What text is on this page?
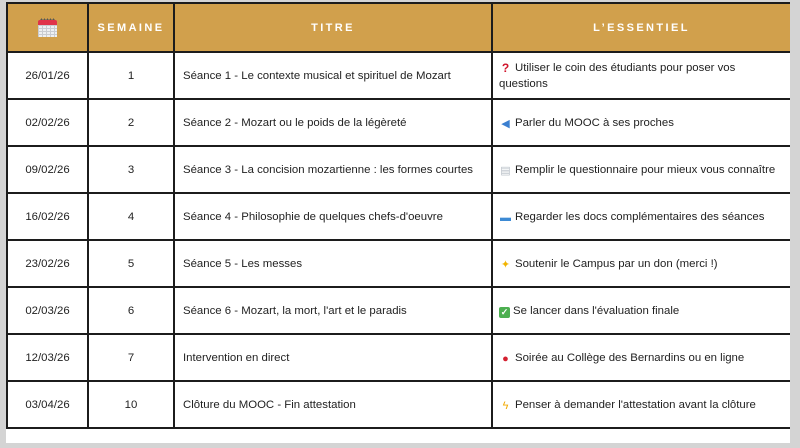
	SEMAINE	TITRE	L’ESSENTIEL
26/01/26	1	Séance 1 - Le contexte musical et spirituel de Mozart	? Utiliser le coin des étudiants pour poser vos questions
02/02/26	2	Séance 2 - Mozart ou le poids de la légèreté	◀ Parler du MOOC à ses proches
09/02/26	3	Séance 3 - La concision mozartienne : les formes courtes	▤ Remplir le questionnaire pour mieux vous connaître
16/02/26	4	Séance 4 - Philosophie de quelques chefs-d'oeuvre	▬ Regarder les docs complémentaires des séances
23/02/26	5	Séance 5 - Les messes	✦ Soutenir le Campus par un don (merci !)
02/03/26	6	Séance 6 - Mozart, la mort, l'art et le paradis	✓ Se lancer dans l'évaluation finale
12/03/26	7	Intervention en direct	● Soirée au Collège des Bernardins ou en ligne
03/04/26	10	Clôture du MOOC - Fin attestation	ϟ Penser à demander l'attestation avant la clôture
